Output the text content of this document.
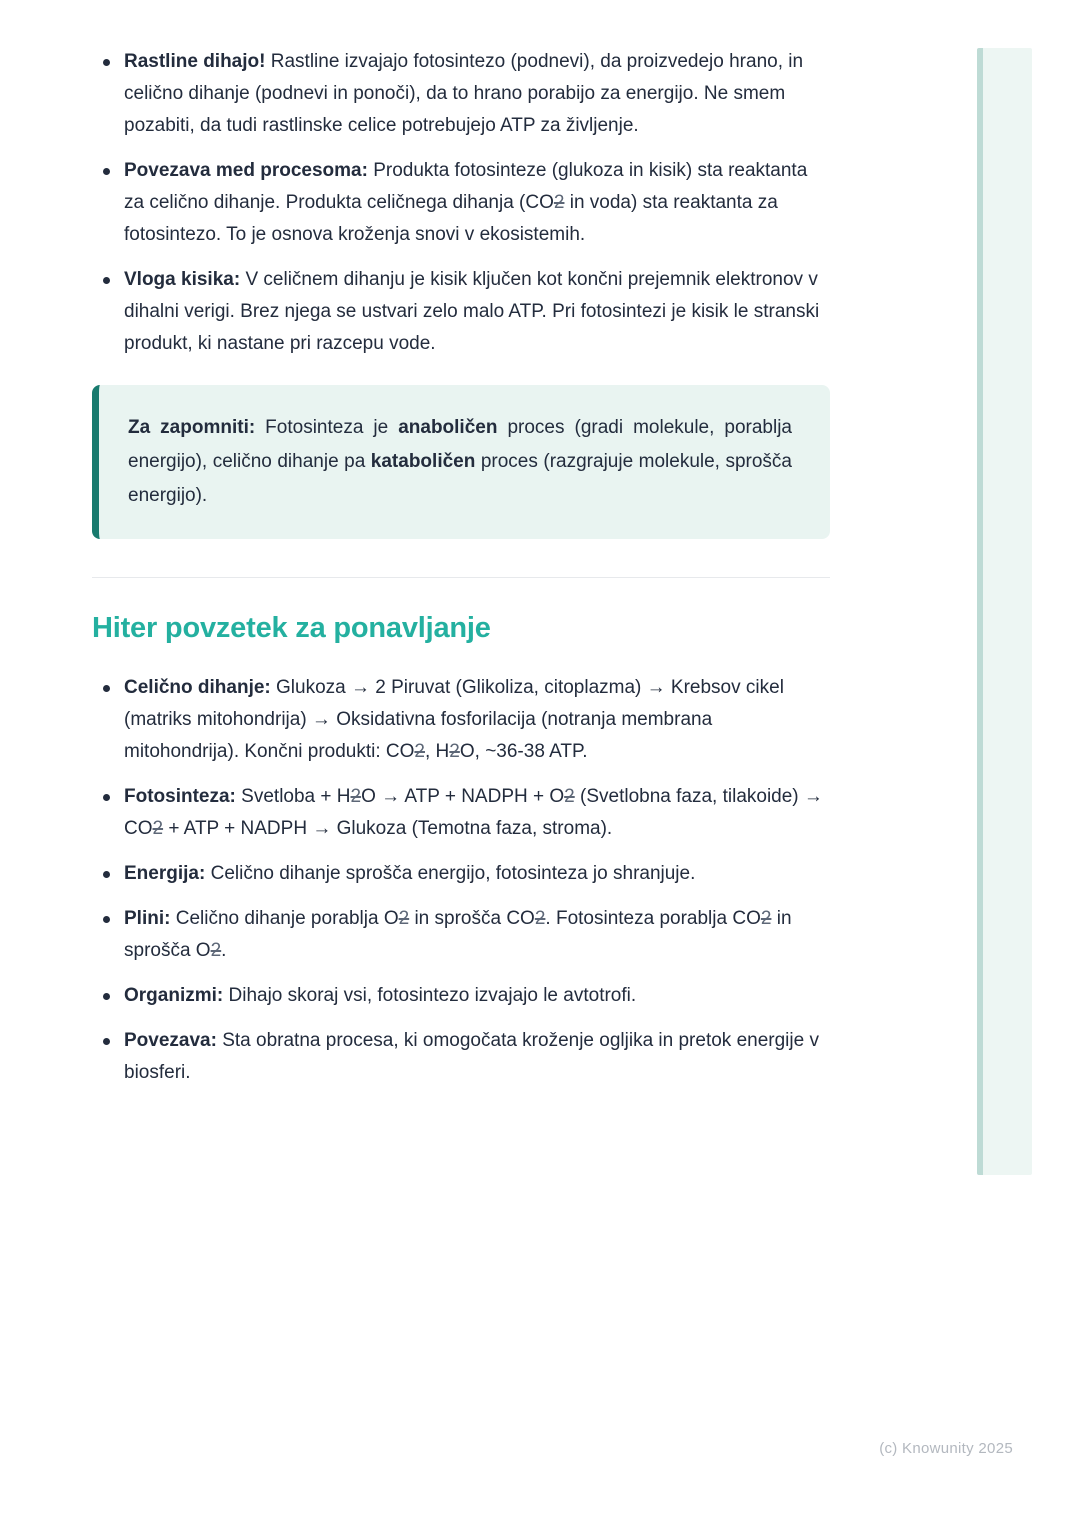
Rastline dihajo! Rastline izvajajo fotosintezo (podnevi), da proizvedejo hrano, in celično dihanje (podnevi in ponoči), da to hrano porabijo za energijo. Ne smem pozabiti, da tudi rastlinske celice potrebujejo ATP za življenje.

Povezava med procesoma: Produkta fotosinteze (glukoza in kisik) sta reaktanta za celično dihanje. Produkta celičnega dihanja (CO2 in voda) sta reaktanta za fotosintezo. To je osnova kroženja snovi v ekosistemih.

Vloga kisika: V celičnem dihanju je kisik ključen kot končni prejemnik elektronov v dihalni verigi. Brez njega se ustvari zelo malo ATP. Pri fotosintezi je kisik le stranski produkt, ki nastane pri razcepu vode.

Za zapomniti: Fotosinteza je anaboličen proces (gradi molekule, porablja energijo), celično dihanje pa kataboličen proces (razgrajuje molekule, sprošča energijo).

Hiter povzetek za ponavljanje

Celično dihanje: Glukoza → 2 Piruvat (Glikoliza, citoplazma) → Krebsov cikel (matriks mitohondrija) → Oksidativna fosforilacija (notranja membrana mitohondrija). Končni produkti: CO2, H2O, ~36-38 ATP.

Fotosinteza: Svetloba + H2O → ATP + NADPH + O2 (Svetlobna faza, tilakoide) → CO2 + ATP + NADPH → Glukoza (Temotna faza, stroma).

Energija: Celično dihanje sprošča energijo, fotosinteza jo shranjuje.

Plini: Celično dihanje porablja O2 in sprošča CO2. Fotosinteza porablja CO2 in sprošča O2.

Organizmi: Dihajo skoraj vsi, fotosintezo izvajajo le avtotrofi.

Povezava: Sta obratna procesa, ki omogočata kroženje ogljika in pretok energije v biosferi.

(c) Knowunity 2025
